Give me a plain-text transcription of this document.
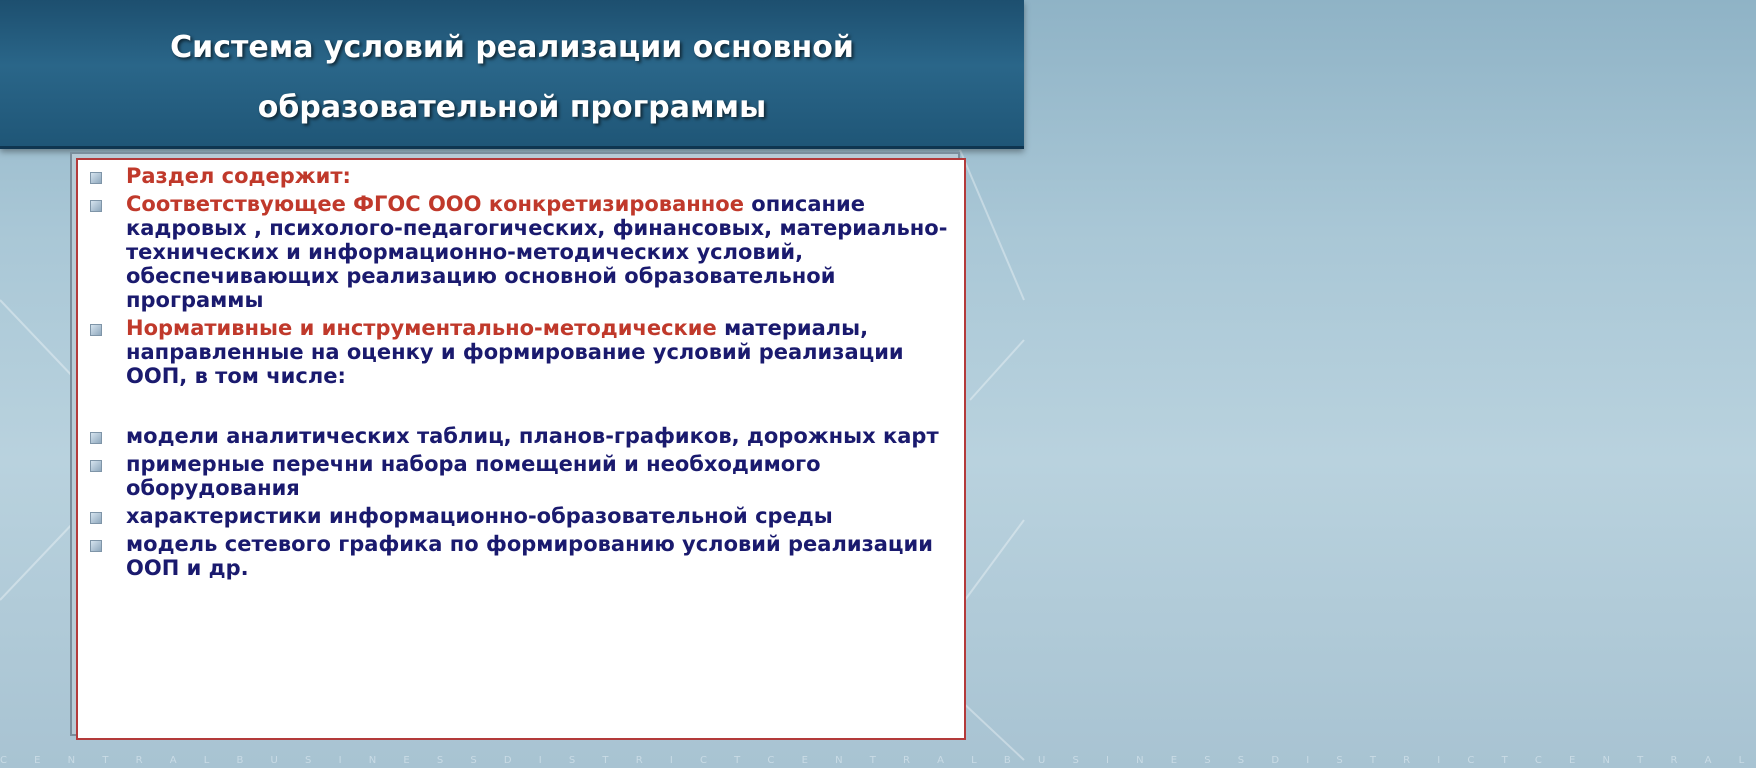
Система условий реализации основной
образовательной программы
Раздел содержит:
Соответствующее ФГОС ООО конкретизированное описание кадровых , психолого-педагогических, финансовых, материально-технических и информационно-методических условий, обеспечивающих реализацию основной образовательной программы
Нормативные и инструментально-методические материалы, направленные на оценку и формирование условий реализации ООП, в том числе:
модели аналитических таблиц, планов-графиков, дорожных карт
примерные перечни набора помещений и необходимого оборудования
характеристики информационно-образовательной среды
модель сетевого графика по формированию условий реализации ООП и др.
C E N T R A L B U S I N E S S D I S T R I C T C E N T R A L B U S I N E S S D I S T R I C T C E N T R A L
